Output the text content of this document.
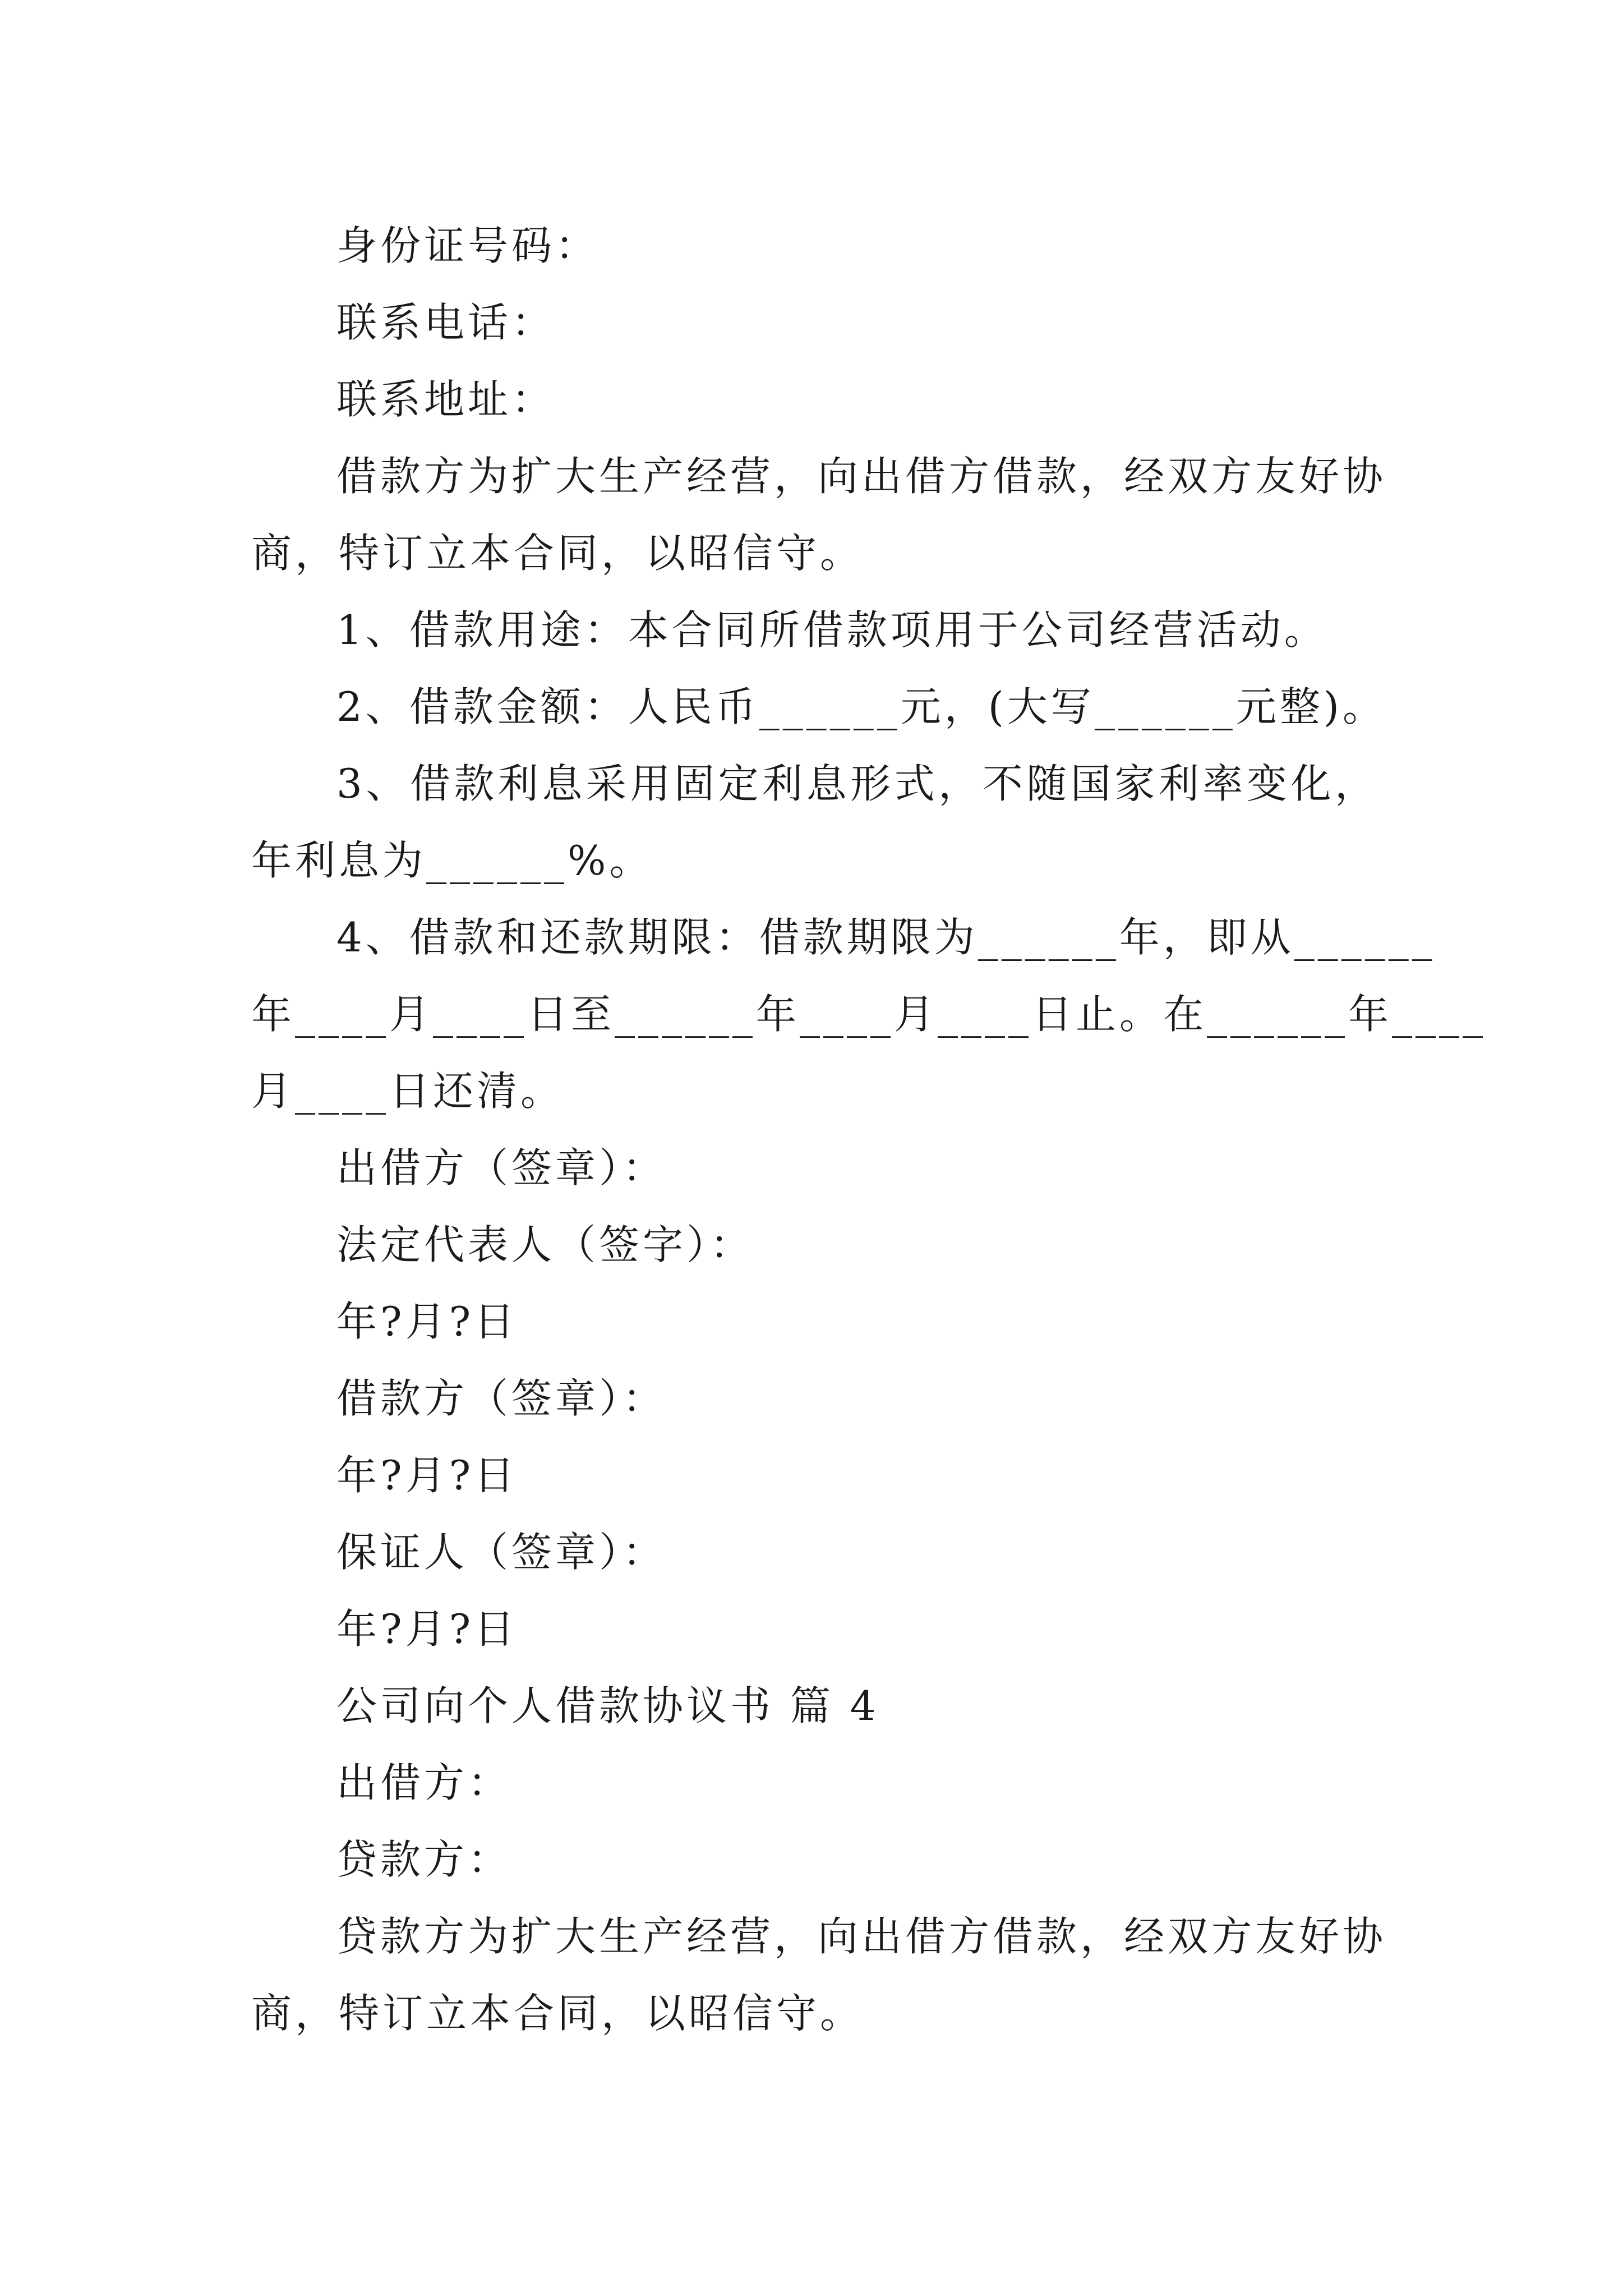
身份证号码：
联系电话：
联系地址：
借款方为扩大生产经营，向出借方借款，经双方友好协
商，特订立本合同，以昭信守。
1、借款用途：本合同所借款项用于公司经营活动。
2、借款金额：人民币______元，(大写______元整)。
3、借款利息采用固定利息形式，不随国家利率变化，
年利息为______%。
4、借款和还款期限：借款期限为______年，即从______
年____月____日至______年____月____日止。在______年____
月____日还清。
出借方（签章）：
法定代表人（签字）：
年?月?日
借款方（签章）：
年?月?日
保证人（签章）：
年?月?日
公司向个人借款协议书 篇 4
出借方：
贷款方：
贷款方为扩大生产经营，向出借方借款，经双方友好协
商，特订立本合同，以昭信守。
